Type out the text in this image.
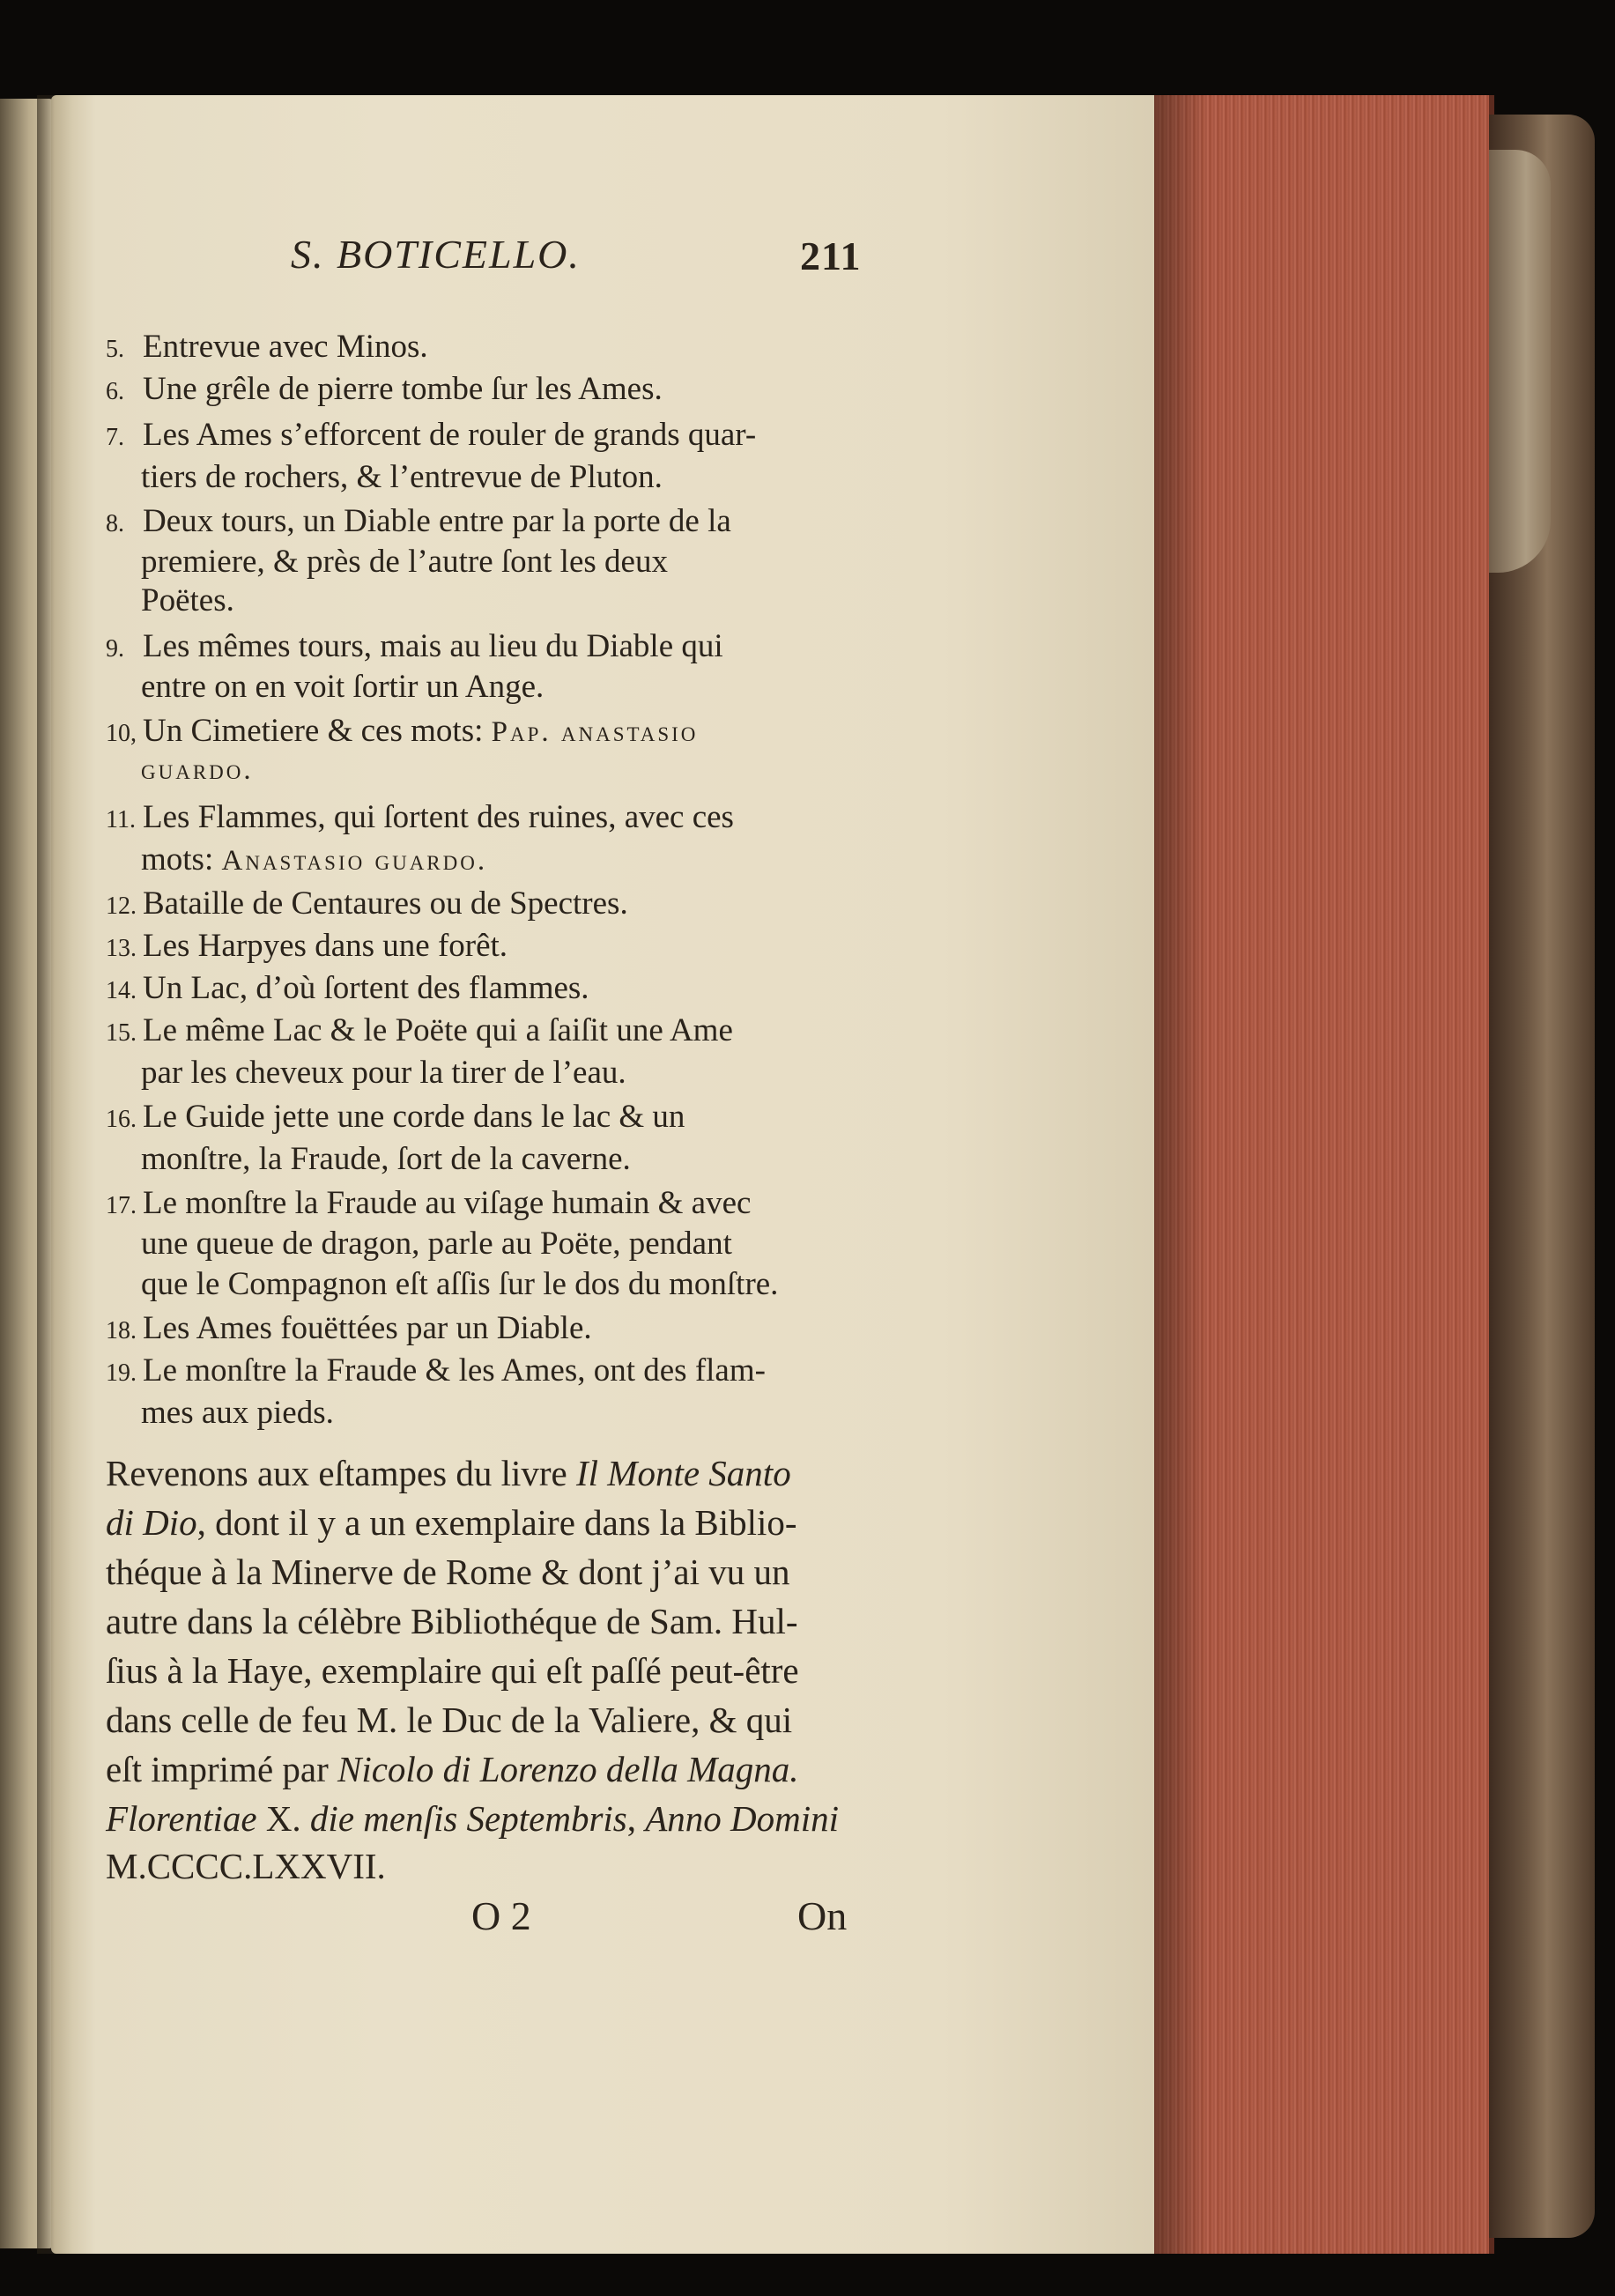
S. BOTICELLO.	211
5. Entrevue avec Minos.
6. Une grêle de pierre tombe ſur les Ames.
7. Les Ames s’efforcent de rouler de grands quar-
tiers de rochers, & l’entrevue de Pluton.
8. Deux tours, un Diable entre par la porte de la
premiere, & près de l’autre ſont les deux
Poëtes.
9. Les mêmes tours, mais au lieu du Diable qui
entre on en voit ſortir un Ange.
10, Un Cimetiere & ces mots: Pap. anastasio
guardo.
11. Les Flammes, qui ſortent des ruines, avec ces
mots: Anastasio guardo.
12. Bataille de Centaures ou de Spectres.
13. Les Harpyes dans une forêt.
14. Un Lac, d’où ſortent des flammes.
15. Le même Lac & le Poëte qui a ſaiſit une Ame
par les cheveux pour la tirer de l’eau.
16. Le Guide jette une corde dans le lac & un
monſtre, la Fraude, ſort de la caverne.
17. Le monſtre la Fraude au viſage humain & avec
une queue de dragon, parle au Poëte, pendant
que le Compagnon eſt aſſis ſur le dos du monſtre.
18. Les Ames fouëttées par un Diable.
19. Le monſtre la Fraude & les Ames, ont des flam-
mes aux pieds.
Revenons aux eſtampes du livre Il Monte Santo
di Dio, dont il y a un exemplaire dans la Biblio-
théque à la Minerve de Rome & dont j’ai vu un
autre dans la célèbre Bibliothéque de Sam. Hul-
ſius à la Haye, exemplaire qui eſt paſſé peut-être
dans celle de feu M. le Duc de la Valiere, & qui
eſt imprimé par Nicolo di Lorenzo della Magna.
Florentiae X. die menſis Septembris, Anno Domini
M.CCCC.LXXVII.
O 2	On
